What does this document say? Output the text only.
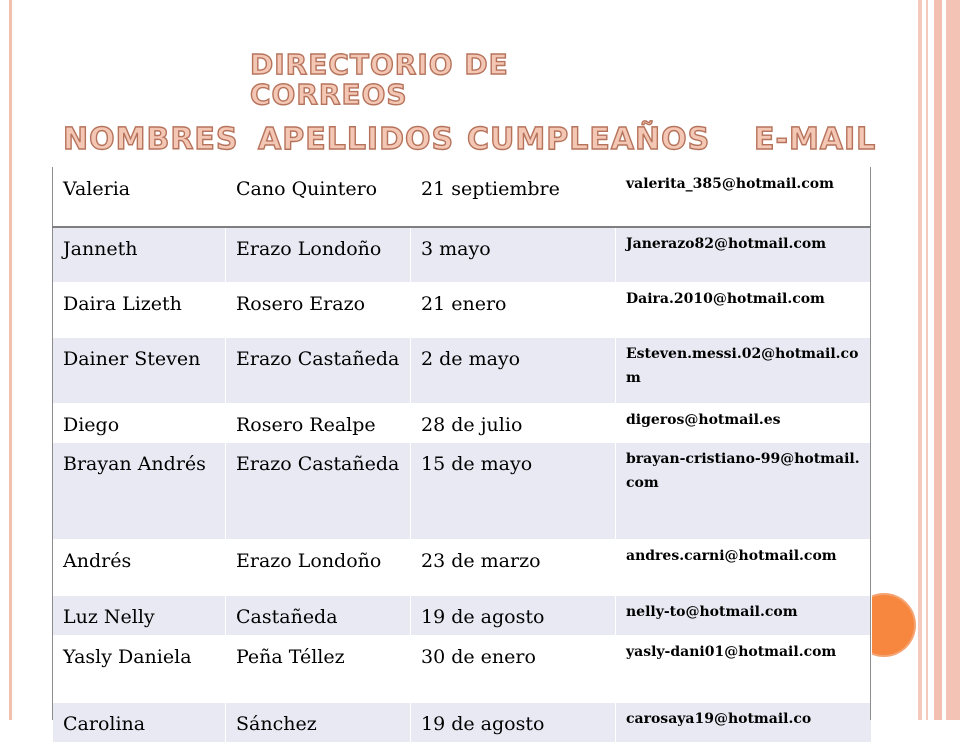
DIRECTORIO DE CORREOS
NOMBRES APELLIDOS CUMPLEAÑOS E-MAIL
Valeria	Cano Quintero	21 septiembre	valerita_385@hotmail.com
Janneth	Erazo Londoño	3 mayo	Janerazo82@hotmail.com
Daira Lizeth	Rosero Erazo	21 enero	Daira.2010@hotmail.com
Dainer Steven	Erazo Castañeda	2 de mayo	Esteven.messi.02@hotmail.com
Diego	Rosero Realpe	28 de julio	digeros@hotmail.es
Brayan Andrés	Erazo Castañeda	15 de mayo	brayan-cristiano-99@hotmail.com
Andrés	Erazo Londoño	23 de marzo	andres.carni@hotmail.com
Luz Nelly	Castañeda	19 de agosto	nelly-to@hotmail.com
Yasly Daniela	Peña Téllez	30 de enero	yasly-dani01@hotmail.com
Carolina	Sánchez	19 de agosto	carosaya19@hotmail.co
